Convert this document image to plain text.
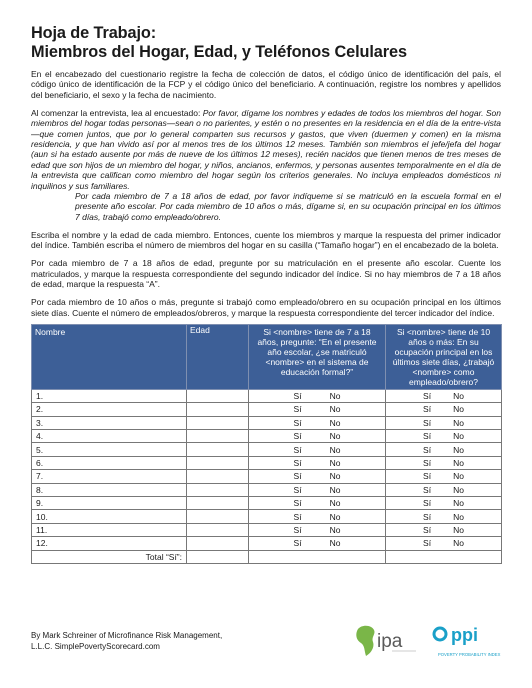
Hoja de Trabajo:
Miembros del Hogar, Edad, y Teléfonos Celulares

En el encabezado del cuestionario registre la fecha de colección de datos, el código único de identificación del país, el código único de identificación de la FCP y el código único del beneficiario. A continuación, registre los nombres y apellidos del beneficiario, el sexo y la fecha de nacimiento.

Al comenzar la entrevista, lea al encuestado: Por favor, dígame los nombres y edades de todos los miembros del hogar. Son miembros del hogar todas personas—sean o no parientes, y estén o no presentes en la residencia en el día de la entre-vista—que comen juntos, que por lo general comparten sus recursos y gastos, que viven (duermen y comen) en la misma residencia, y que han vivido así por al menos tres de los últimos 12 meses. También son miembros el jefe/jefa del hogar (aun si ha estado ausente por más de nueve de los últimos 12 meses), recién nacidos que tienen menos de tres meses de edad que son hijos de un miembro del hogar, y niños, ancianos, enfermos, y personas ausentes temporalmente en el día de la entrevista que califican como miembro del hogar según los criterios generales. No incluya empleados domésticos ni inquilinos y sus familiares.

Por cada miembro de 7 a 18 años de edad, por favor indíqueme si se matriculó en la escuela formal en el presente año escolar. Por cada miembro de 10 años o más, dígame si, en su ocupación principal en los últimos 7 días, trabajó como empleado/obrero.

Escriba el nombre y la edad de cada miembro. Entonces, cuente los miembros y marque la respuesta del primer indicador del índice. También escriba el número de miembros del hogar en su casilla (“Tamaño hogar”) en el encabezado de la boleta.

Por cada miembro de 7 a 18 años de edad, pregunte por su matriculación en el presente año escolar. Cuente los matriculados, y marque la respuesta correspondiente del segundo indicador del índice. Si no hay miembros de 7 a 18 años de edad, marque la respuesta “A”.

Por cada miembro de 10 años o más, pregunte si trabajó como empleado/obrero en su ocupación principal en los últimos siete días. Cuente el número de empleados/obreros, y marque la respuesta correspondiente del tercer indicador del índice.

Nombre	Edad	Si <nombre> tiene de 7 a 18 años, pregunte: “En el presente año escolar, ¿se matriculó <nombre> en el sistema de educación formal?”	Si <nombre> tiene de 10 años o más: En su ocupación principal en los últimos siete días, ¿trabajó <nombre> como empleado/obrero?
1.		Sí No	Sí No
2.		Sí No	Sí No
3.		Sí No	Sí No
4.		Sí No	Sí No
5.		Sí No	Sí No
6.		Sí No	Sí No
7.		Sí No	Sí No
8.		Sí No	Sí No
9.		Sí No	Sí No
10.		Sí No	Sí No
11.		Sí No	Sí No
12.		Sí No	Sí No
Total “Sí”:			
By Mark Schreiner of Microfinance Risk Management,
L.L.C. SimplePovertyScorecard.com	ipa	ppi
POVERTY PROBABILITY INDEX
